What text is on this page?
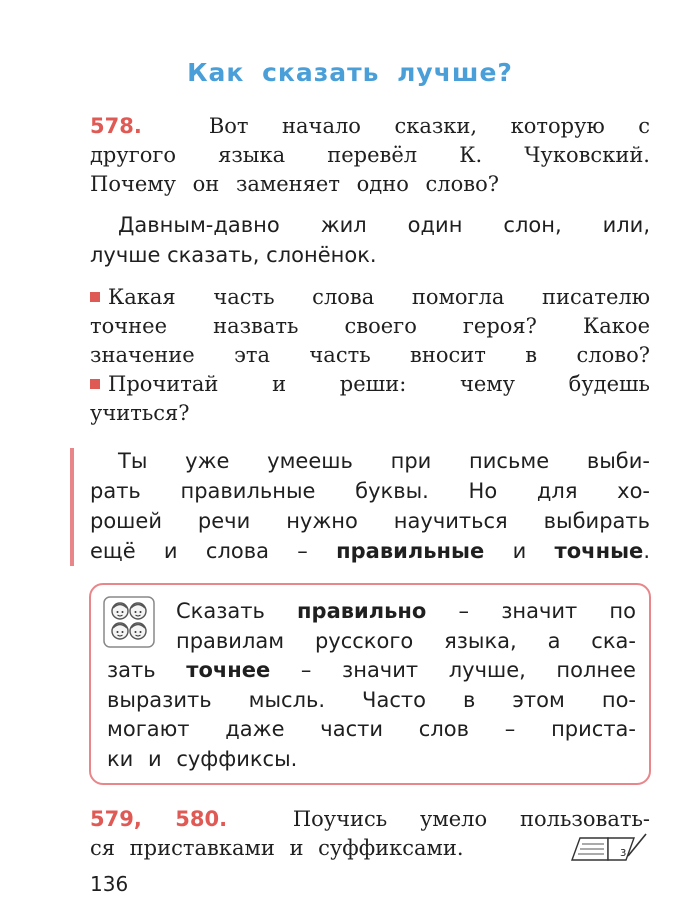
Как сказать лучше?
578.	Вот начало сказки, которую с
другого языка перевёл К. Чуковский.
Почему он заменяет одно слово?
Давным-давно жил один слон, или,
лучше сказать, слонёнок.
Какая часть слова помогла писателю
точнее назвать своего героя? Какое
значение эта часть вносит в слово?
Прочитай и реши: чему будешь
учиться?
Ты уже умеешь при письме выби-
рать правильные буквы. Но для хо-
рошей речи нужно научиться выбирать
ещё и слова – правильные и точные.
Сказать правильно – значит по
правилам русского языка, а ска-
зать точнее – значит лучше, полнее
выразить мысль. Часто в этом по-
могают даже части слов – приста-
ки и суффиксы.
579, 580.	Поучись умело пользовать-
ся приставками и суффиксами.	3
136
